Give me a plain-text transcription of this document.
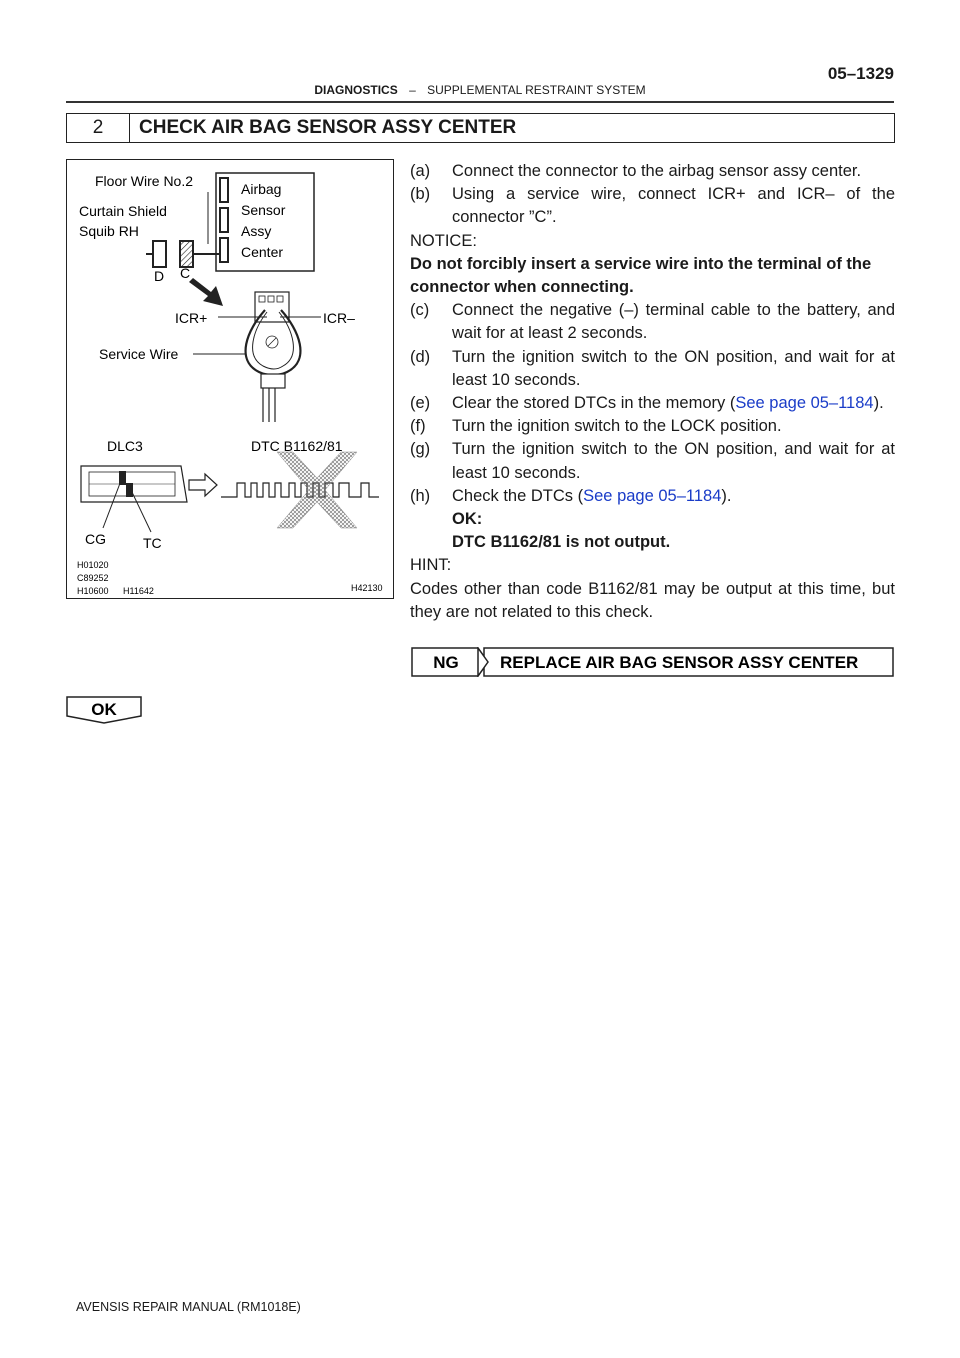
05–1329
DIAGNOSTICS – SUPPLEMENTAL RESTRAINT SYSTEM
2	CHECK AIR BAG SENSOR ASSY CENTER
Airbag
Sensor
Assy
Center
Floor Wire No.2
Curtain Shield
Squib RH
D C
ICR+	ICR–
Service Wire
DLC3
CG	TC
DTC B1162/81
H01020
C89252
H10600 H11642	H42130
(a)	Connect the connector to the airbag sensor assy center.
(b)	Using a service wire, connect ICR+ and ICR– of the connector ”C”.
NOTICE:
Do not forcibly insert a service wire into the terminal of the connector when connecting.
(c)	Connect the negative (–) terminal cable to the battery, and wait for at least 2 seconds.
(d)	Turn the ignition switch to the ON position, and wait for at least 10 seconds.
(e)	Clear the stored DTCs in the memory (See page 05–1184).
(f)	Turn the ignition switch to the LOCK position.
(g)	Turn the ignition switch to the ON position, and wait for at least 10 seconds.
(h)	Check the DTCs (See page 05–1184).
OK:
DTC B1162/81 is not output.
HINT:
Codes other than code B1162/81 may be output at this time, but they are not related to this check.
NG REPLACE AIR BAG SENSOR ASSY CENTER
OK
AVENSIS REPAIR MANUAL (RM1018E)
